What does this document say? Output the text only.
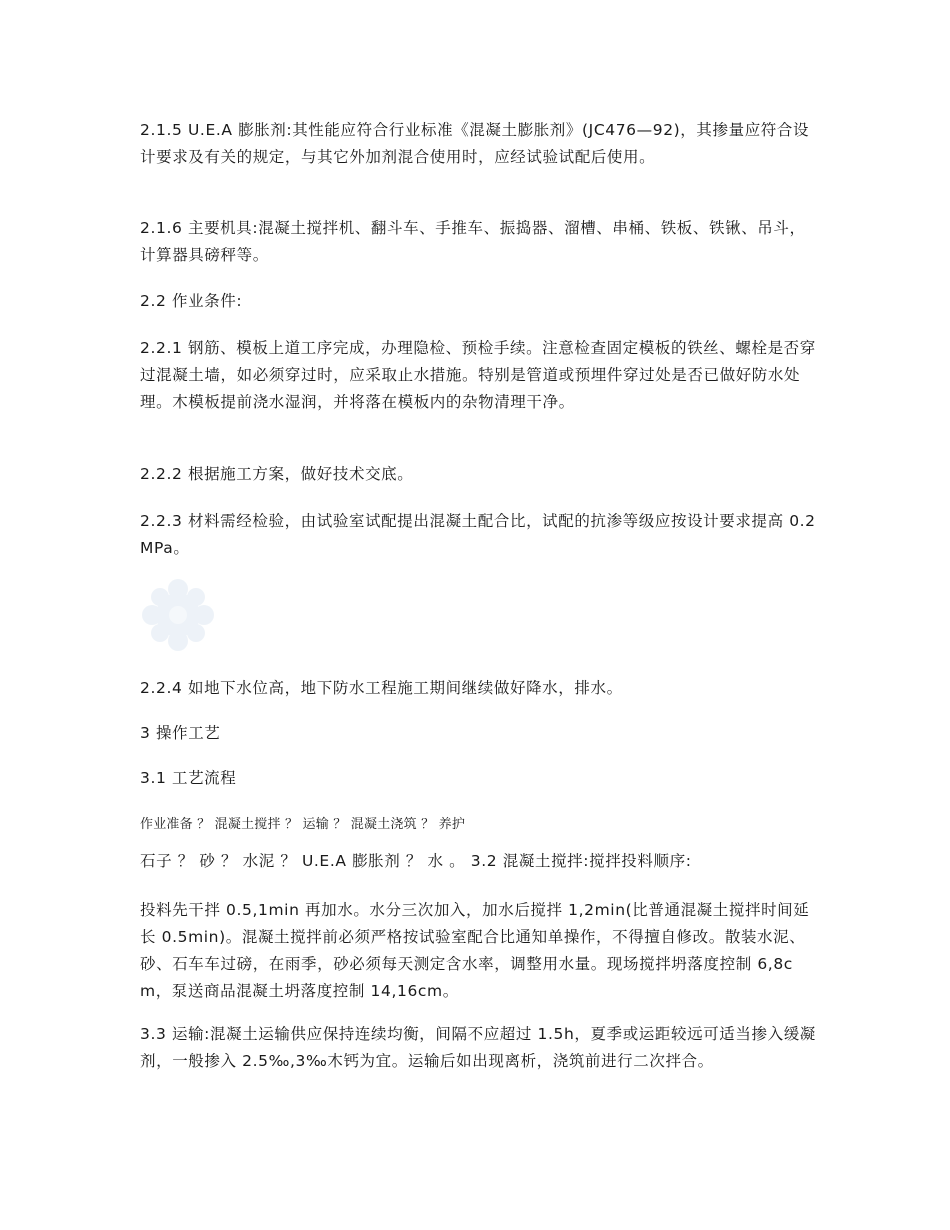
2.1.5 U.E.A 膨胀剂:其性能应符合行业标准《混凝土膨胀剂》(JC476—92)，其掺量应符合设计要求及有关的规定，与其它外加剂混合使用时，应经试验试配后使用。

2.1.6 主要机具:混凝土搅拌机、翻斗车、手推车、振捣器、溜槽、串桶、铁板、铁锹、吊斗，计算器具磅秤等。

2.2 作业条件:

2.2.1 钢筋、模板上道工序完成，办理隐检、预检手续。注意检查固定模板的铁丝、螺栓是否穿过混凝土墙，如必须穿过时，应采取止水措施。特别是管道或预埋件穿过处是否已做好防水处理。木模板提前浇水湿润，并将落在模板内的杂物清理干净。

2.2.2 根据施工方案，做好技术交底。

2.2.3 材料需经检验，由试验室试配提出混凝土配合比，试配的抗渗等级应按设计要求提高 0.2MPa。

2.2.4 如地下水位高，地下防水工程施工期间继续做好降水，排水。

3 操作工艺

3.1 工艺流程

作业准备 ？ 混凝土搅拌 ？ 运输 ？ 混凝土浇筑 ？ 养护

石子 ？ 砂 ？ 水泥 ？ U.E.A 膨胀剂 ？ 水 。 3.2 混凝土搅拌:搅拌投料顺序:

投料先干拌 0.5,1min 再加水。水分三次加入，加水后搅拌 1,2min(比普通混凝土搅拌时间延长 0.5min)。混凝土搅拌前必须严格按试验室配合比通知单操作，不得擅自修改。散装水泥、砂、石车车过磅，在雨季，砂必须每天测定含水率，调整用水量。现场搅拌坍落度控制 6,8cm，泵送商品混凝土坍落度控制 14,16cm。

3.3 运输:混凝土运输供应保持连续均衡，间隔不应超过 1.5h，夏季或运距较远可适当掺入缓凝剂，一般掺入 2.5‰,3‰木钙为宜。运输后如出现离析，浇筑前进行二次拌合。
